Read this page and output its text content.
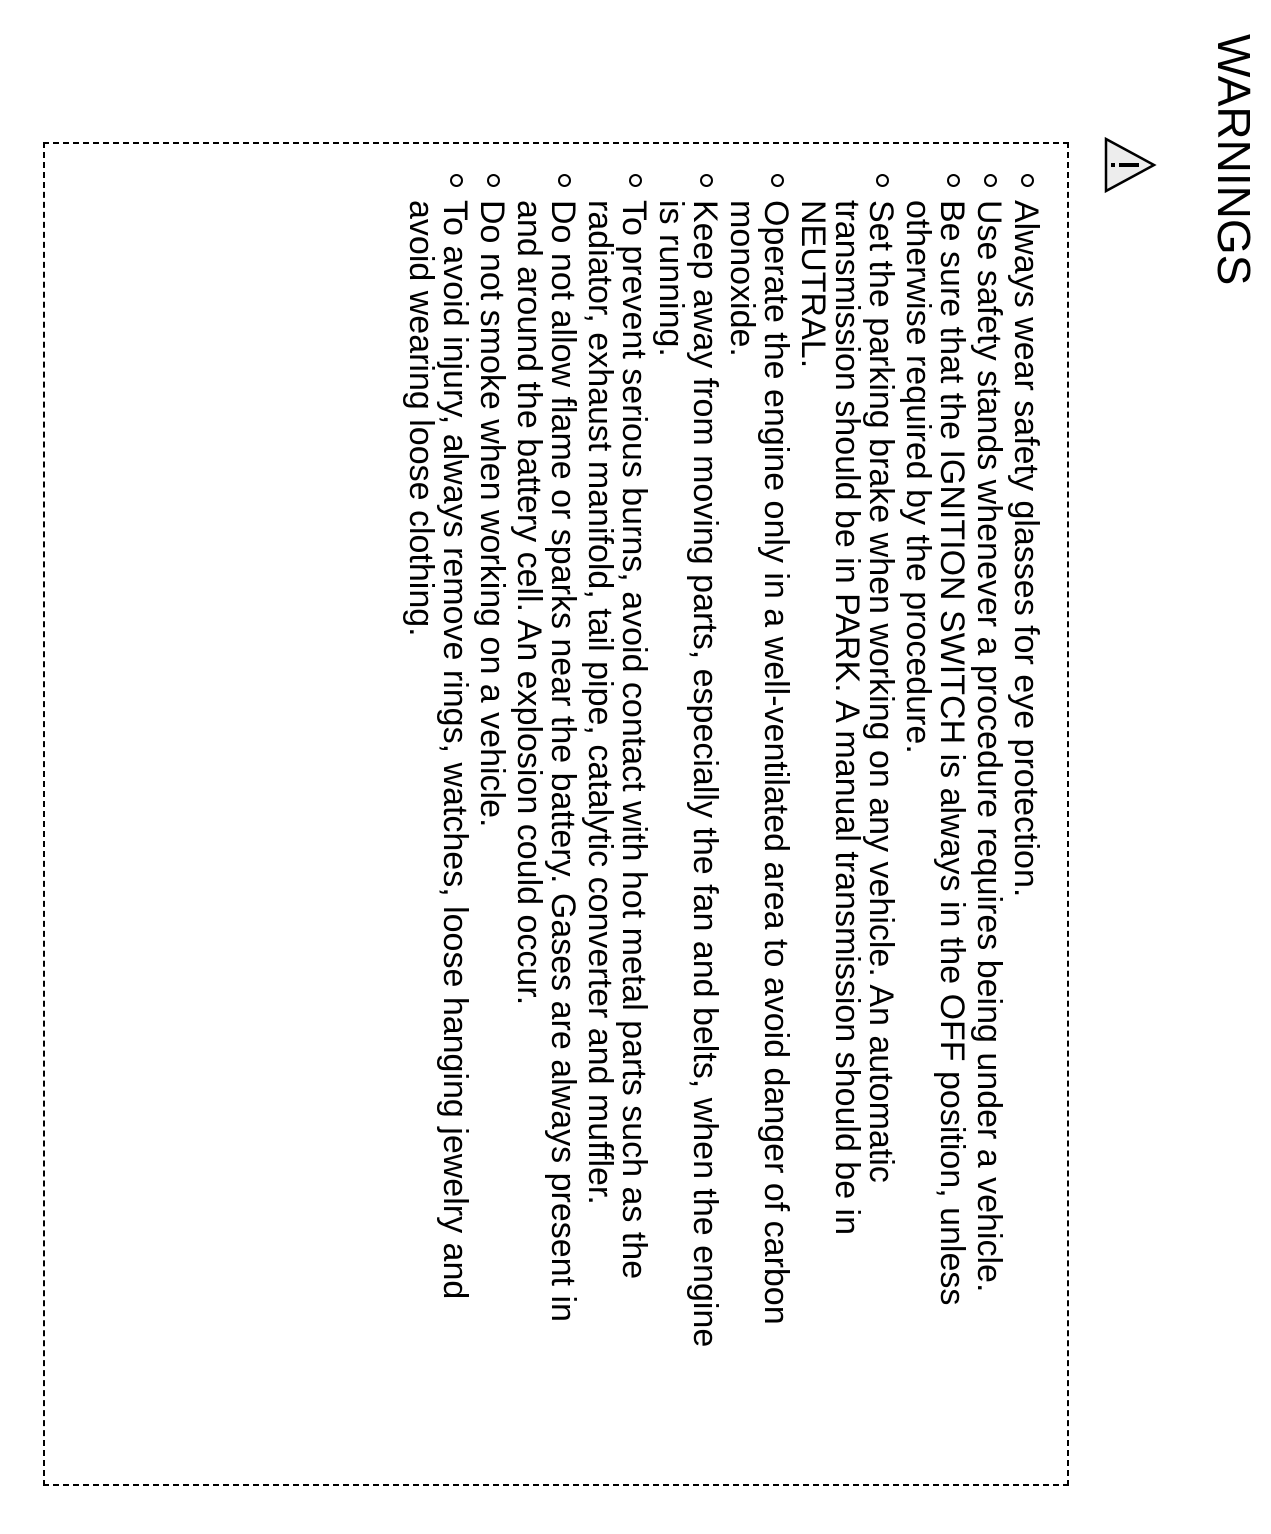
WARNINGS
Always wear safety glasses for eye protection.
Use safety stands whenever a procedure requires being under a vehicle.
Be sure that the IGNITION SWITCH is always in the OFF position, unless otherwise required by the procedure.
Set the parking brake when working on any vehicle. An automatic transmission should be in PARK. A manual transmission should be in NEUTRAL.
Operate the engine only in a well-ventilated area to avoid danger of carbon monoxide.
Keep away from moving parts, especially the fan and belts, when the engine is running.
To prevent serious burns, avoid contact with hot metal parts such as the radiator, exhaust manifold, tail pipe, catalytic converter and muffler.
Do not allow flame or sparks near the battery. Gases are always present in and around the battery cell. An explosion could occur.
Do not smoke when working on a vehicle.
To avoid injury, always remove rings, watches, loose hanging jewelry and avoid wearing loose clothing.
